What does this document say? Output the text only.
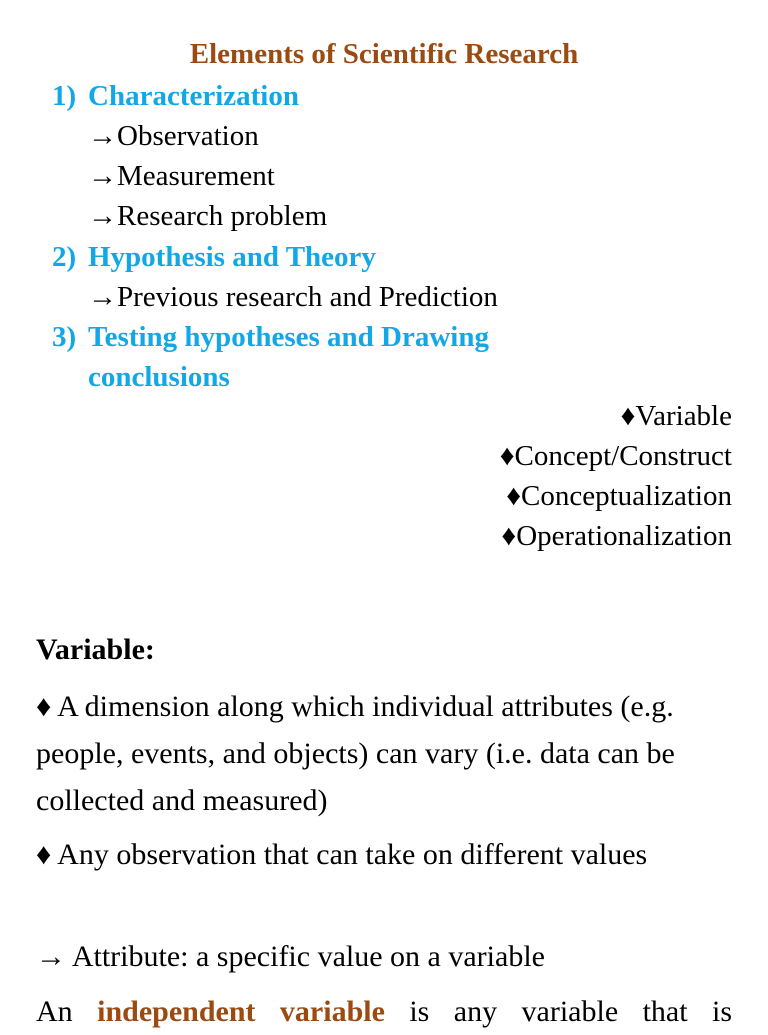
Elements of Scientific Research
1) Characterization
→Observation
→Measurement
→Research problem
2) Hypothesis and Theory
→Previous research and Prediction
3) Testing hypotheses and Drawing
conclusions
♦Variable
♦Concept/Construct
♦Conceptualization
♦Operationalization
Variable:
♦ A dimension along which individual attributes (e.g. people, events, and objects) can vary (i.e. data can be collected and measured)
♦ Any observation that can take on different values
→ Attribute: a specific value on a variable
An independent variable is any variable that is
